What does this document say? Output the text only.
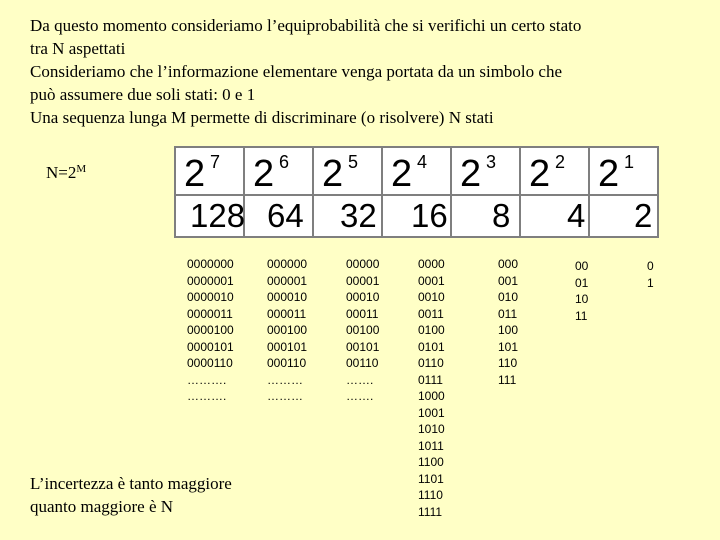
Da questo momento consideriamo l’equiprobabilità che si verifichi un certo stato
tra N aspettati
Consideriamo che l’informazione elementare venga portata da un simbolo che
può assumere due soli stati: 0 e 1
Una sequenza lunga M permette di discriminare (o risolvere) N stati
$N=2^M$	2 7	2 6	2 5	2 4	2 3	2 2	2 1

128	64	32	16	8	4	2
0000000
0000001
0000010
0000011
0000100
0000101
0000110
……….
……….
000000
000001
000010
000011
000100
000101
000110
………
………
00000
00001
00010
00011
00100
00101
00110
…….
…….
0000
0001
0010
0011
0100
0101
0110
0111
1000
1001
1010
1011
1100
1101
1110
1111
000
001
010
011
100
101
110
111
00
01
10
11
0
1
L’incertezza è tanto maggiore
quanto maggiore è N
